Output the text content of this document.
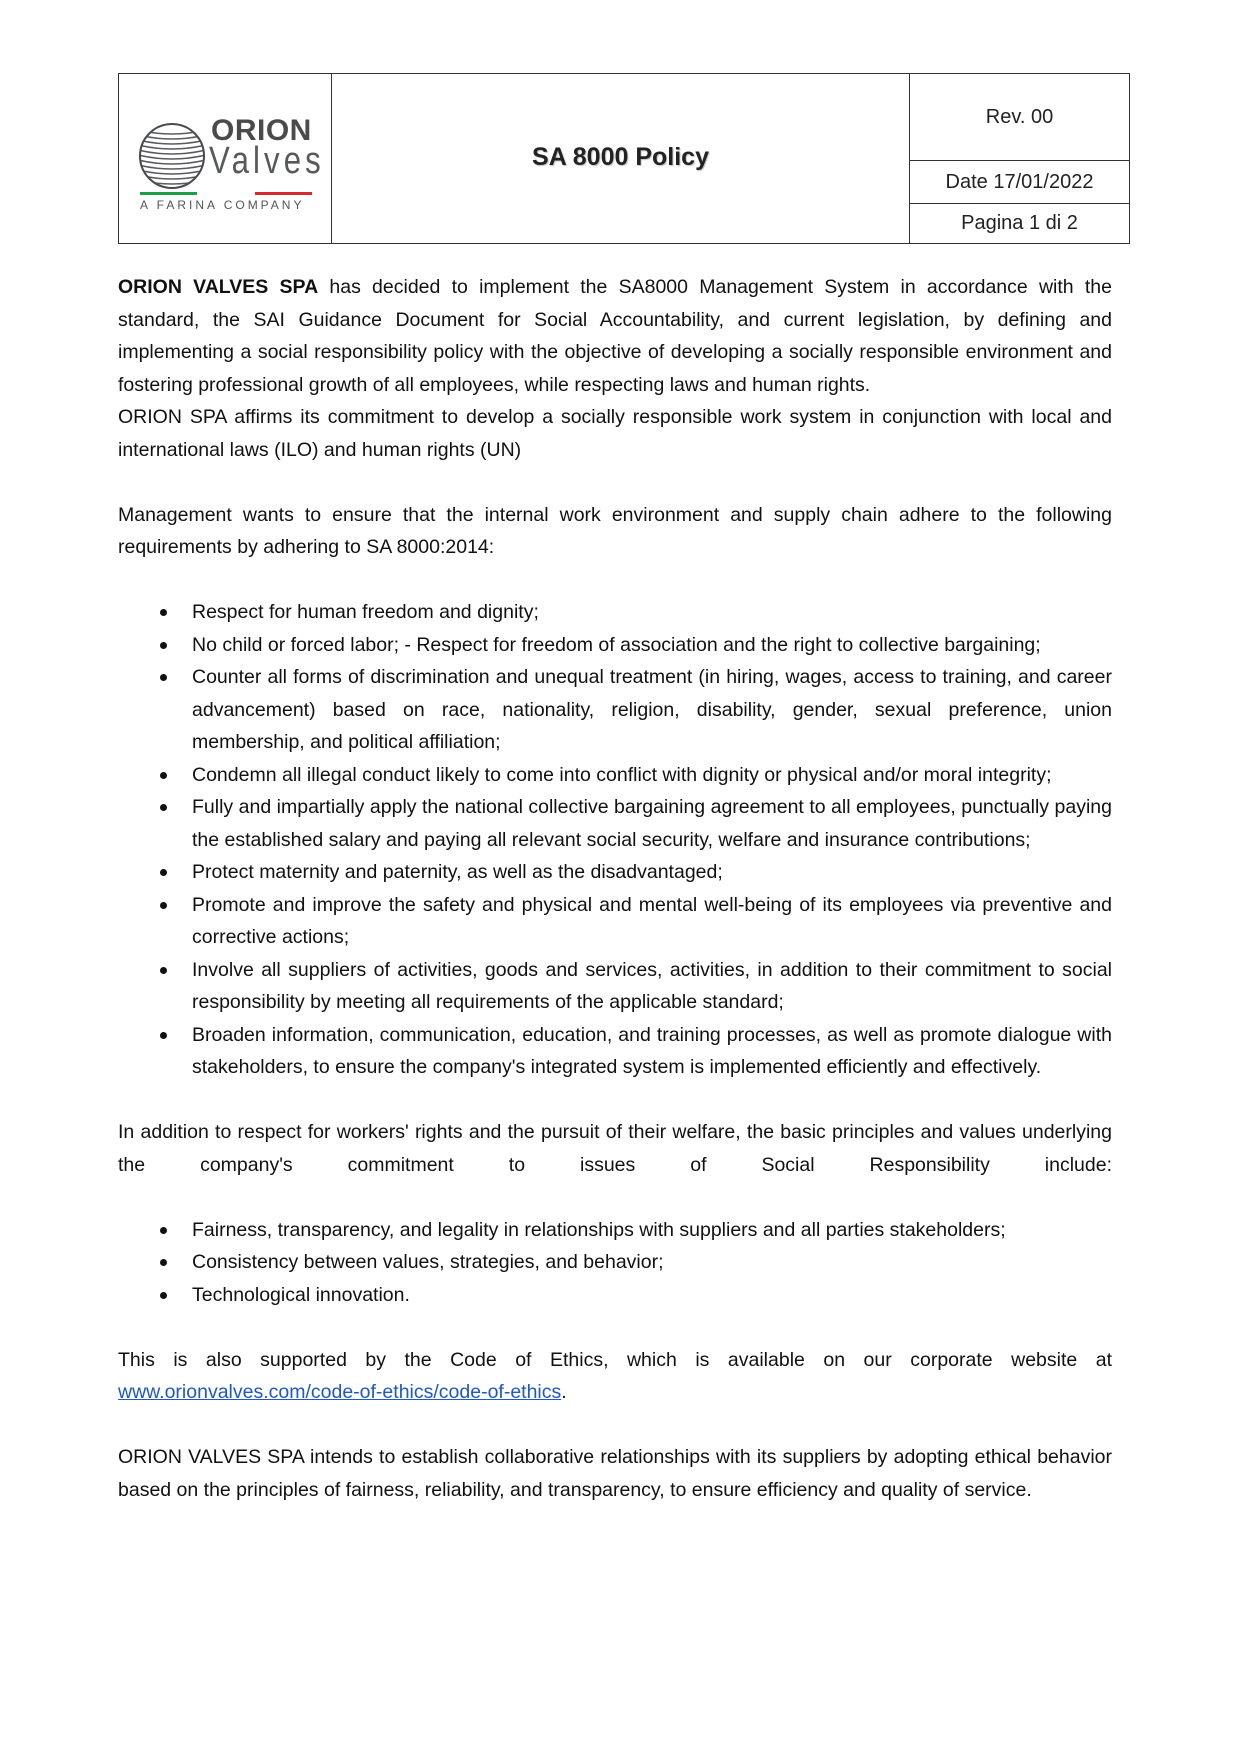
ORION
Valves
A FARINA COMPANY
SA 8000 Policy
Rev. 00
Date 17/01/2022
Pagina 1 di 2

ORION VALVES SPA has decided to implement the SA8000 Management System in accordance with the standard, the SAI Guidance Document for Social Accountability, and current legislation, by defining and implementing a social responsibility policy with the objective of developing a socially responsible environment and fostering professional growth of all employees, while respecting laws and human rights.

ORION SPA affirms its commitment to develop a socially responsible work system in conjunction with local and international laws (ILO) and human rights (UN)

Management wants to ensure that the internal work environment and supply chain adhere to the following requirements by adhering to SA 8000:2014:

Respect for human freedom and dignity;
No child or forced labor; - Respect for freedom of association and the right to collective bargaining;
Counter all forms of discrimination and unequal treatment (in hiring, wages, access to training, and career advancement) based on race, nationality, religion, disability, gender, sexual preference, union membership, and political affiliation;
Condemn all illegal conduct likely to come into conflict with dignity or physical and/or moral integrity;
Fully and impartially apply the national collective bargaining agreement to all employees, punctually paying the established salary and paying all relevant social security, welfare and insurance contributions;
Protect maternity and paternity, as well as the disadvantaged;
Promote and improve the safety and physical and mental well-being of its employees via preventive and corrective actions;
Involve all suppliers of activities, goods and services, activities, in addition to their commitment to social responsibility by meeting all requirements of the applicable standard;
Broaden information, communication, education, and training processes, as well as promote dialogue with stakeholders, to ensure the company's integrated system is implemented efficiently and effectively.

In addition to respect for workers' rights and the pursuit of their welfare, the basic principles and values underlying the company's commitment to issues of Social Responsibility include:

Fairness, transparency, and legality in relationships with suppliers and all parties stakeholders;
Consistency between values, strategies, and behavior;
Technological innovation.

This is also supported by the Code of Ethics, which is available on our corporate website at www.orionvalves.com/code-of-ethics/code-of-ethics.

ORION VALVES SPA intends to establish collaborative relationships with its suppliers by adopting ethical behavior based on the principles of fairness, reliability, and transparency, to ensure efficiency and quality of service.
